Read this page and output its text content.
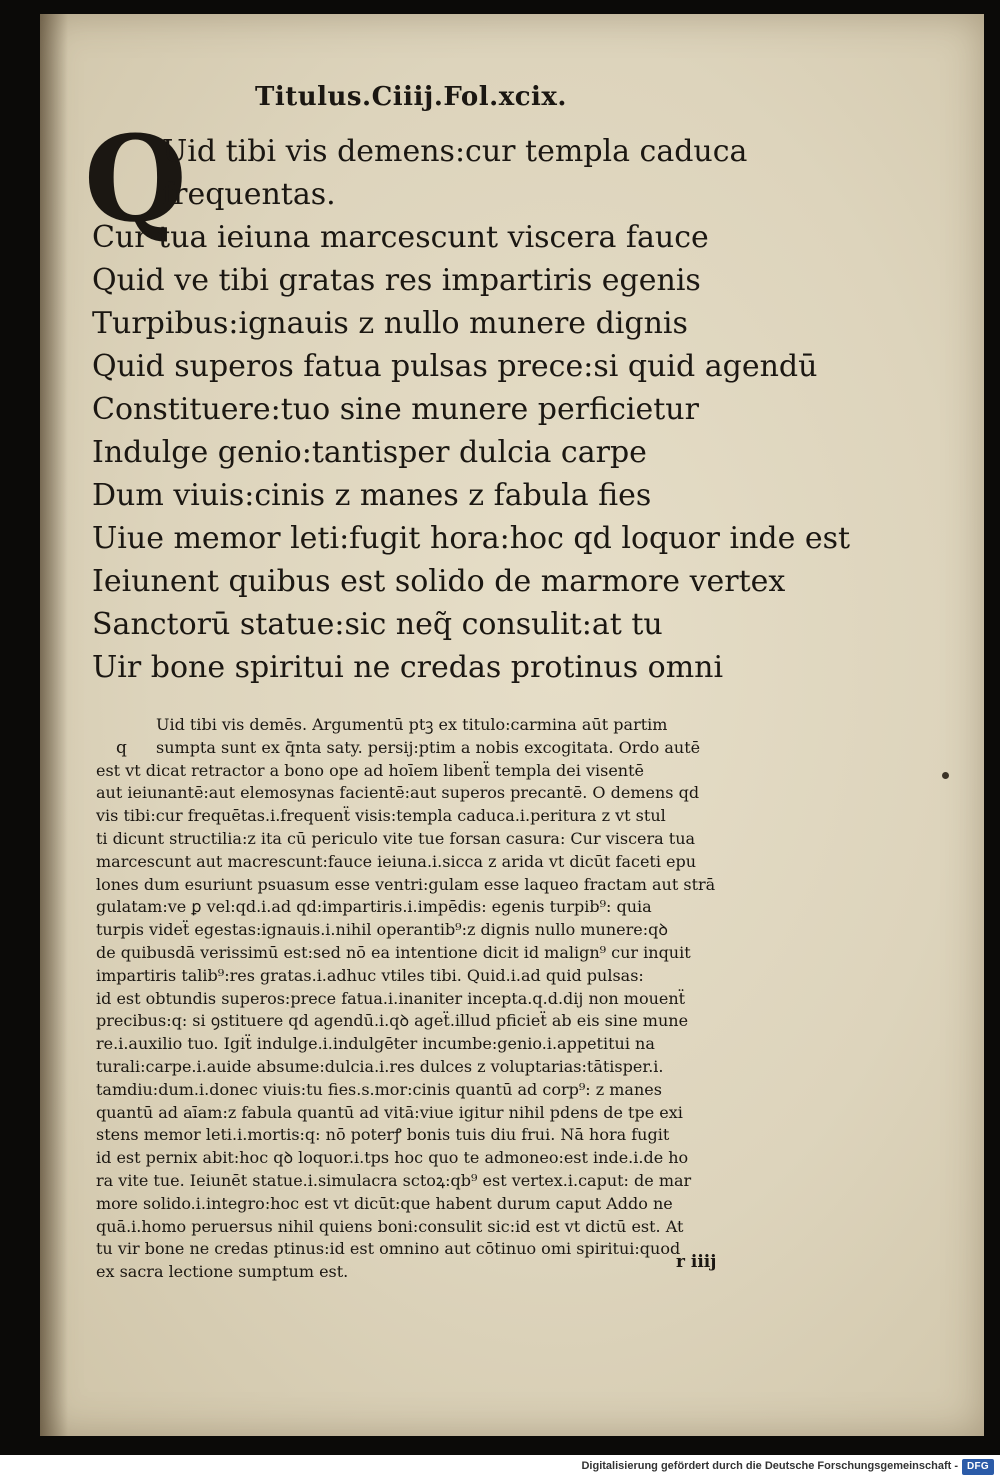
Titulus.Ciiij.Fol.xcix.
Q
Uid tibi vis demens:cur templa caduca
frequentas.
Cur tua ieiuna marcescunt viscera fauce
Quid ve tibi gratas res impartiris egenis
Turpibus:ignauis z nullo munere dignis
Quid superos fatua pulsas prece:si quid agendū
Constituere:tuo sine munere perficietur
Indulge genio:tantisper dulcia carpe
Dum viuis:cinis z manes z fabula fies
Uiue memor leti:fugit hora:hoc qd loquor inde est
Ieiunent quibus est solido de marmore vertex
Sanctorū statue:sic neq̃ consulit:at tu
Uir bone spiritui ne credas protinus omni
q
Uid tibi vis demēs. Argumentū ptꝫ ex titulo:carmina aūt partim
sumpta sunt ex q̄nta saty. persij:ptim a nobis excogitata. Ordo autē
est vt dicat retractor a bono ope ad hoīem libenẗ templa dei visentē
aut ieiunantē:aut elemosynas facientē:aut superos precantē. O demens qd
vis tibi:cur frequētas.i.frequenẗ visis:templa caduca.i.peritura z vt stul
ti dicunt structilia:z ita cū periculo vite tue forsan casura: Cur viscera tua
marcescunt aut macrescunt:fauce ieiuna.i.sicca z arida vt dicūt faceti epu
lones dum esuriunt psuasum esse ventri:gulam esse laqueo fractam aut strā
gulatam:ve ꝑ vel:qd.i.ad qd:impartiris.i.impēdis: egenis turpib⁹: quia
turpis videẗ egestas:ignauis.i.nihil operantib⁹:z dignis nullo munere:qꝺ
de quibusdā verissimū est:sed nō ea intentione dicit id malign⁹ cur inquit
impartiris talib⁹:res gratas.i.adhuc vtiles tibi. Quid.i.ad quid pulsas:
id est obtundis superos:prece fatua.i.inaniter incepta.q.d.dij non mouenẗ
precibus:q: si ꝯstituere qd agendū.i.qꝺ ageẗ.illud pficieẗ ab eis sine mune
re.i.auxilio tuo. Igiẗ indulge.i.indulgēter incumbe:genio.i.appetitui na
turali:carpe.i.auide absume:dulcia.i.res dulces z voluptarias:tātisper.i.
tamdiu:dum.i.donec viuis:tu fies.s.mor:cinis quantū ad corp⁹: z manes
quantū ad aīam:z fabula quantū ad vitā:viue igitur nihil pdens de tpe exi
stens memor leti.i.mortis:q: nō poterꝭ bonis tuis diu frui. Nā hora fugit
id est pernix abit:hoc qꝺ loquor.i.tps hoc quo te admoneo:est inde.i.de ho
ra vite tue. Ieiunēt statue.i.simulacra sctoꝝ:qb⁹ est vertex.i.caput: de mar
more solido.i.integro:hoc est vt dicūt:que habent durum caput Addo ne
quā.i.homo peruersus nihil quiens boni:consulit sic:id est vt dictū est. At
tu vir bone ne credas ptinus:id est omnino aut cōtinuo omi spiritui:quod
ex sacra lectione sumptum est.	r iiij
Digitalisierung gefördert durch die Deutsche Forschungsgemeinschaft - DFG
